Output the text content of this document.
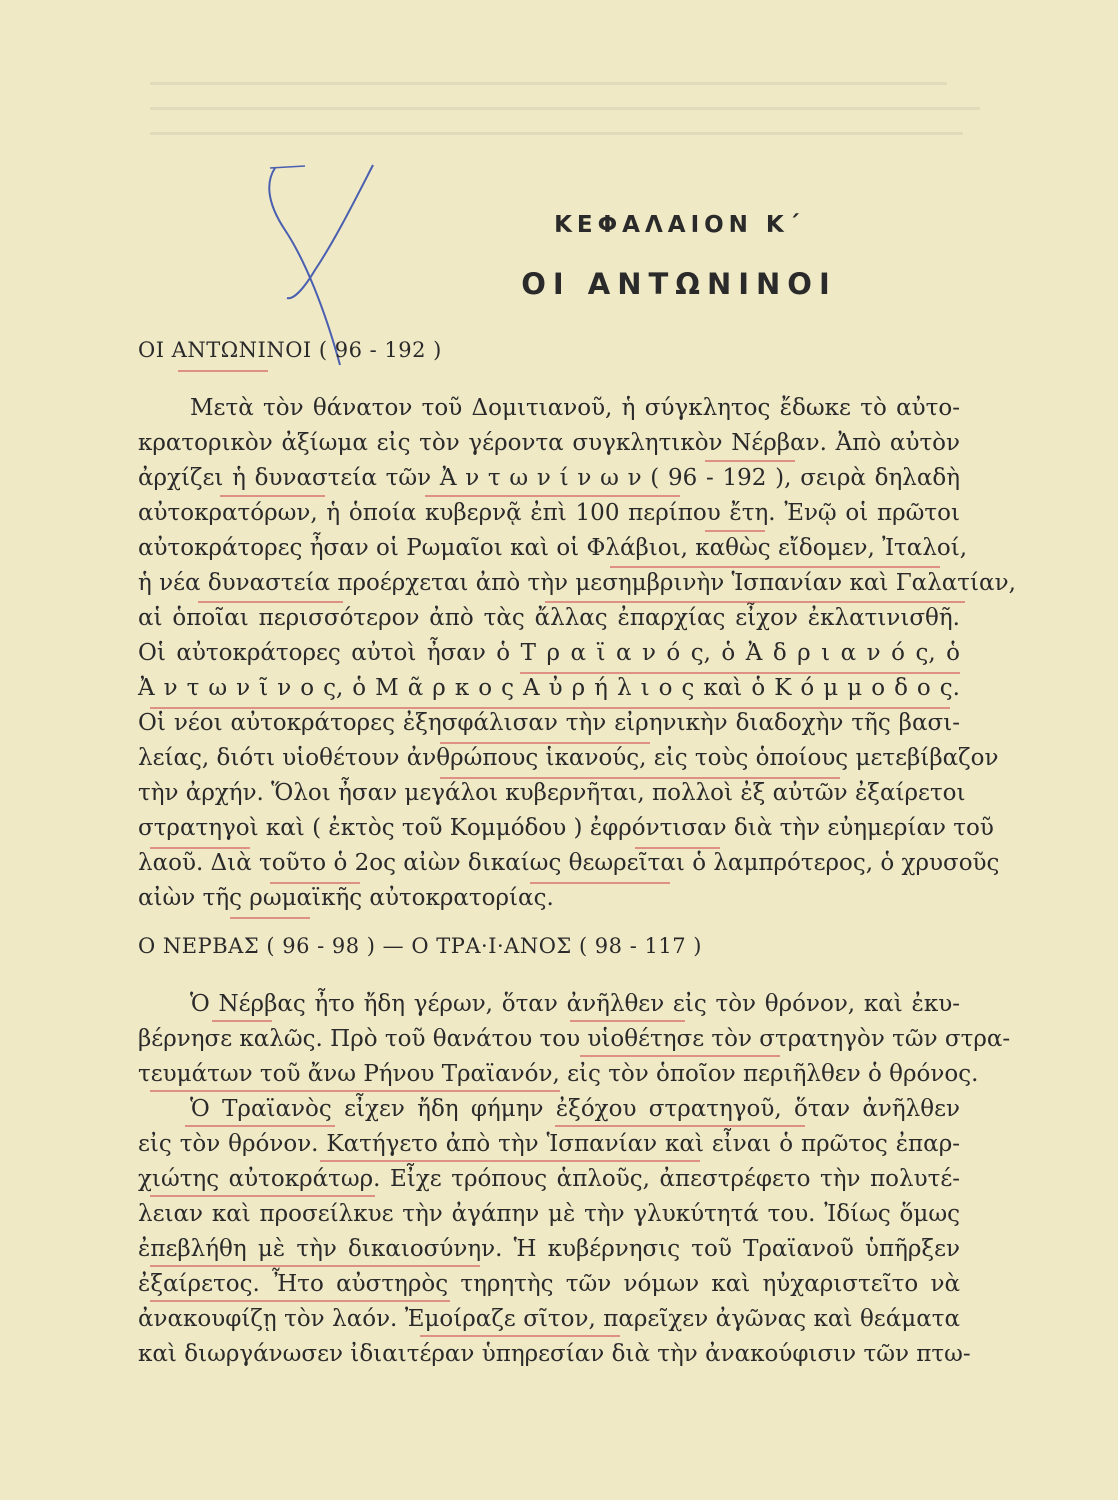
ΚΕΦΑΛΑΙΟΝ Κ΄
ΟΙ ΑΝΤΩΝΙΝΟΙ
ΟΙ ΑΝΤΩΝΙΝΟΙ ( 96 - 192 )
Μετὰ τὸν θάνατον τοῦ Δομιτιανοῦ, ἡ σύγκλητος ἔδωκε τὸ αὐτο-
κρατορικὸν ἀξίωμα εἰς τὸν γέροντα συγκλητικὸν Νέρβαν. Ἀπὸ αὐτὸν
ἀρχίζει ἡ δυναστεία τῶν Ἀ ν τ ω ν ί ν ω ν ( 96 - 192 ), σειρὰ δηλαδὴ
αὐτοκρατόρων, ἡ ὁποία κυβερνᾷ ἐπὶ 100 περίπου ἔτη. Ἐνῷ οἱ πρῶτοι
αὐτοκράτορες ἦσαν οἱ Ρωμαῖοι καὶ οἱ Φλάβιοι, καθὼς εἴδομεν, Ἰταλοί,
ἡ νέα δυναστεία προέρχεται ἀπὸ τὴν μεσημβρινὴν Ἱσπανίαν καὶ Γαλατίαν,
αἱ ὁποῖαι περισσότερον ἀπὸ τὰς ἄλλας ἐπαρχίας εἶχον ἐκλατινισθῆ.
Οἱ αὐτοκράτορες αὐτοὶ ἦσαν ὁ Τ ρ α ϊ α ν ό ς, ὁ Ἀ δ ρ ι α ν ό ς, ὁ
Ἀ ν τ ω ν ῖ ν ο ς, ὁ Μ ᾶ ρ κ ο ς Α ὐ ρ ή λ ι ο ς καὶ ὁ Κ ό μ μ ο δ ο ς.
Οἱ νέοι αὐτοκράτορες ἐξησφάλισαν τὴν εἰρηνικὴν διαδοχὴν τῆς βασι-
λείας, διότι υἱοθέτουν ἀνθρώπους ἱκανούς, εἰς τοὺς ὁποίους μετεβίβαζον
τὴν ἀρχήν. Ὅλοι ἦσαν μεγάλοι κυβερνῆται, πολλοὶ ἐξ αὐτῶν ἐξαίρετοι
στρατηγοὶ καὶ ( ἐκτὸς τοῦ Κομμόδου ) ἐφρόντισαν διὰ τὴν εὐημερίαν τοῦ
λαοῦ. Διὰ τοῦτο ὁ 2ος αἰὼν δικαίως θεωρεῖται ὁ λαμπρότερος, ὁ χρυσοῦς
αἰὼν τῆς ρωμαϊκῆς αὐτοκρατορίας.
Ο ΝΕΡΒΑΣ ( 96 - 98 ) — Ο ΤΡΑ·Ι·ΑΝΟΣ ( 98 - 117 )
Ὁ Νέρβας ἦτο ἤδη γέρων, ὅταν ἀνῆλθεν εἰς τὸν θρόνον, καὶ ἐκυ-
βέρνησε καλῶς. Πρὸ τοῦ θανάτου του υἱοθέτησε τὸν στρατηγὸν τῶν στρα-
τευμάτων τοῦ ἄνω Ρήνου Τραϊανόν, εἰς τὸν ὁποῖον περιῆλθεν ὁ θρόνος.
Ὁ Τραϊανὸς εἶχεν ἤδη φήμην ἐξόχου στρατηγοῦ, ὅταν ἀνῆλθεν
εἰς τὸν θρόνον. Κατήγετο ἀπὸ τὴν Ἱσπανίαν καὶ εἶναι ὁ πρῶτος ἐπαρ-
χιώτης αὐτοκράτωρ. Εἶχε τρόπους ἁπλοῦς, ἀπεστρέφετο τὴν πολυτέ-
λειαν καὶ προσείλκυε τὴν ἀγάπην μὲ τὴν γλυκύτητά του. Ἰδίως ὅμως
ἐπεβλήθη μὲ τὴν δικαιοσύνην. Ἡ κυβέρνησις τοῦ Τραϊανοῦ ὑπῆρξεν
ἐξαίρετος. Ἦτο αὐστηρὸς τηρητὴς τῶν νόμων καὶ ηὐχαριστεῖτο νὰ
ἀνακουφίζῃ τὸν λαόν. Ἐμοίραζε σῖτον, παρεῖχεν ἀγῶνας καὶ θεάματα
καὶ διωργάνωσεν ἰδιαιτέραν ὑπηρεσίαν διὰ τὴν ἀνακούφισιν τῶν πτω-
